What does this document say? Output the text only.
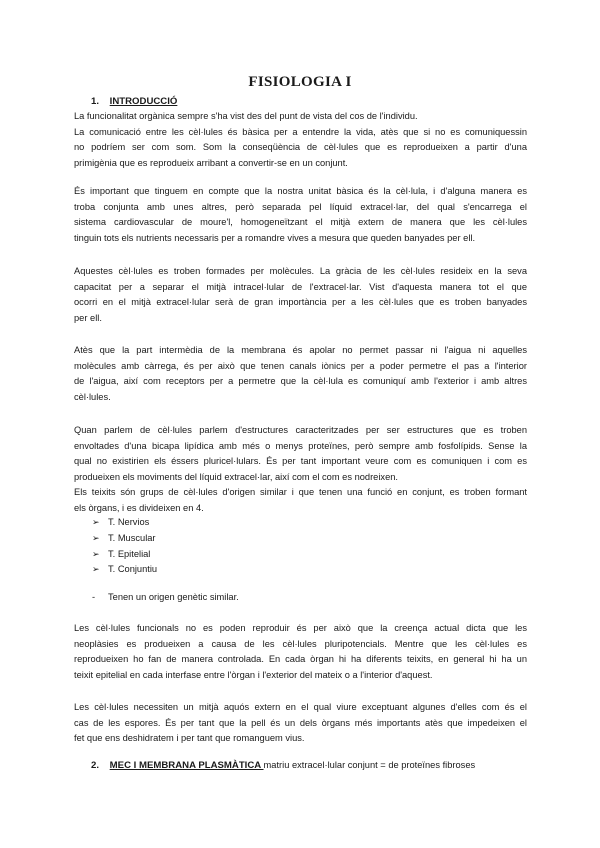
FISIOLOGIA I
1. INTRODUCCIÓ
La funcionalitat orgànica sempre s'ha vist des del punt de vista del cos de l'individu.
La comunicació entre les cèl·lules és bàsica per a entendre la vida, atès que si no es comuniquessin
no podríem ser com som. Som la conseqüència de cèl·lules que es reprodueixen a partir d'una
primigènia que es reprodueix arribant a convertir-se en un conjunt.
És important que tinguem en compte que la nostra unitat bàsica és la cèl·lula, i d'alguna manera es
troba conjunta amb unes altres, però separada pel líquid extracel·lar, del qual s'encarrega el
sistema cardiovascular de moure'l, homogeneïtzant el mitjà extern de manera que les cèl·lules
tinguin tots els nutrients necessaris per a romandre vives a mesura que queden banyades per ell.
Aquestes cèl·lules es troben formades per molècules. La gràcia de les cèl·lules resideix en la seva
capacitat per a separar el mitjà intracel·lular de l'extracel·lar. Vist d'aquesta manera tot el que
ocorri en el mitjà extracel·lular serà de gran importància per a les cèl·lules que es troben banyades
per ell.
Atès que la part intermèdia de la membrana és apolar no permet passar ni l'aigua ni aquelles
molècules amb càrrega, és per això que tenen canals iònics per a poder permetre el pas a l'interior
de l'aigua, així com receptors per a permetre que la cèl·lula es comuniquí amb l'exterior i amb altres
cèl·lules.
Quan parlem de cèl·lules parlem d'estructures caracteritzades per ser estructures que es troben
envoltades d'una bicapa lipídica amb més o menys proteïnes, però sempre amb fosfolípids. Sense la
qual no existirien els éssers pluricel·lulars. És per tant important veure com es comuniquen i com es
produeixen els moviments del líquid extracel·lar, així com el com es nodreixen.
Els teixits són grups de cèl·lules d'origen similar i que tenen una funció en conjunt, es troben formant
els òrgans, i es divideixen en 4.
➢ T. Nervios
➢ T. Muscular
➢ T. Epitelial
➢ T. Conjuntiu
- Tenen un origen genètic similar.
Les cèl·lules funcionals no es poden reproduir és per això que la creença actual dicta que les
neoplàsies es produeixen a causa de les cèl·lules pluripotencials. Mentre que les cèl·lules es
reprodueixen ho fan de manera controlada. En cada òrgan hi ha diferents teixits, en general hi ha un
teixit epitelial en cada interfase entre l'òrgan i l'exterior del mateix o a l'interior d'aquest.
Les cèl·lules necessiten un mitjà aquós extern en el qual viure exceptuant algunes d'elles com és el
cas de les espores. És per tant que la pell és un dels òrgans més importants atès que impedeixen el
fet que ens deshidratem i per tant que romanguem vius.
2. MEC I MEMBRANA PLASMÀTICA matriu extracel·lular conjunt = de proteïnes fibroses
